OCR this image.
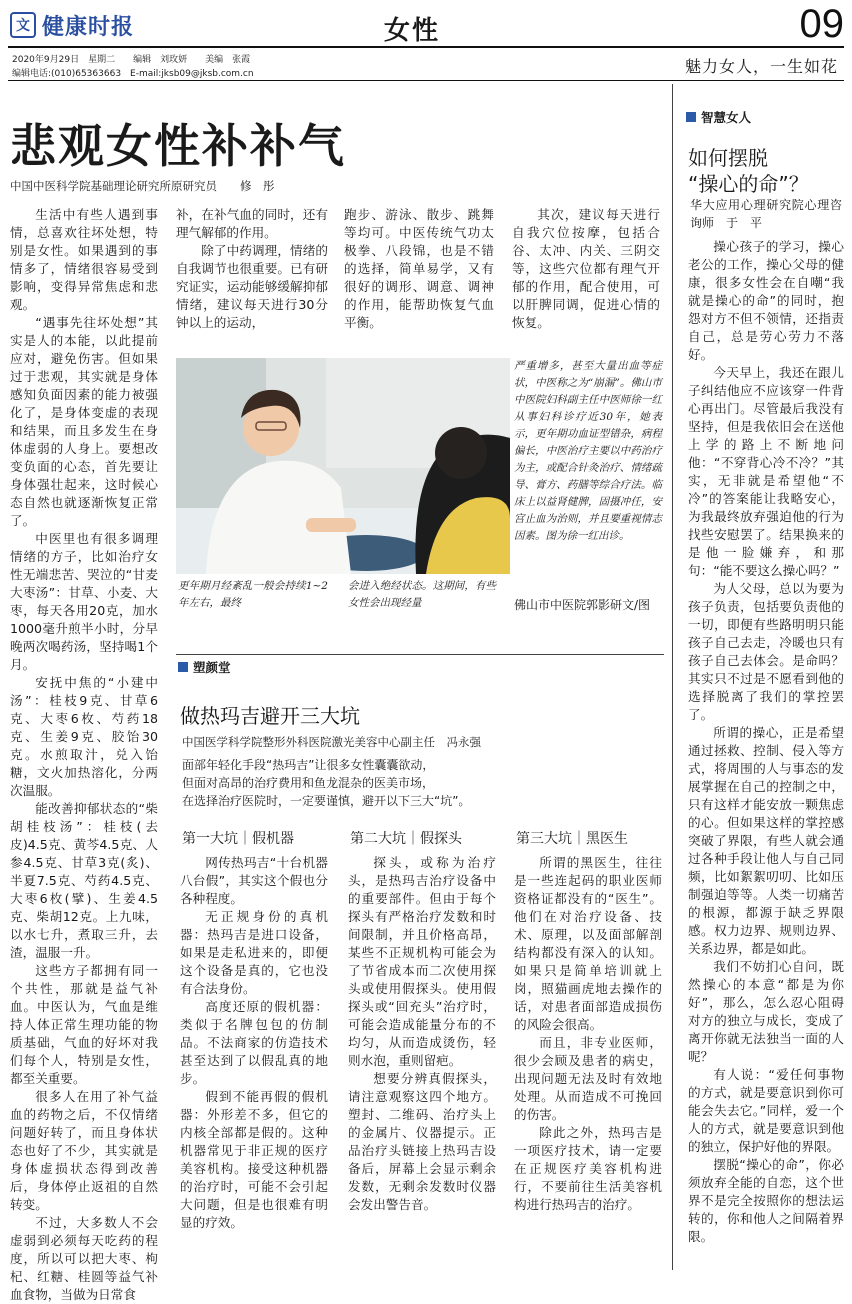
文 健康时报	女性	09
2020年9月29日　星期二　　编辑　刘玫妍　　美编　张霞
编辑电话:(010)65363663　E-mail:jksb09@jksb.com.cn	魅力女人，一生如花
悲观女性补补气
中国中医科学院基础理论研究所原研究员　　修　彤

生活中有些人遇到事情，总喜欢往坏处想，特别是女性。如果遇到的事情多了，情绪很容易受到影响，变得异常焦虑和悲观。

“遇事先往坏处想”其实是人的本能，以此提前应对，避免伤害。但如果过于悲观，其实就是身体感知负面因素的能力被强化了，是身体变虚的表现和结果，而且多发生在身体虚弱的人身上。要想改变负面的心态，首先要让身体强壮起来，这时候心态自然也就逐渐恢复正常了。

中医里也有很多调理情绪的方子，比如治疗女性无端悲苦、哭泣的“甘麦大枣汤”：甘草、小麦、大枣，每天各用20克，加水1000毫升煎半小时，分早晚两次喝药汤，坚持喝1个月。

安抚中焦的“小建中汤”：桂枝9克、甘草6克、大枣6枚、芍药18克、生姜9克、胶饴30克。水煎取汁，兑入饴糖，文火加热溶化，分两次温服。

能改善抑郁状态的“柴胡桂枝汤”：桂枝(去皮)4.5克、黄芩4.5克、人参4.5克、甘草3克(炙)、半夏7.5克、芍药4.5克、大枣6枚(擘)、生姜4.5克、柴胡12克。上九味，以水七升，煮取三升，去渣，温服一升。

这些方子都拥有同一个共性，那就是益气补血。中医认为，气血是维持人体正常生理功能的物质基础，气血的好坏对我们每个人，特别是女性，都至关重要。

很多人在用了补气益血的药物之后，不仅情绪问题好转了，而且身体状态也好了不少，其实就是身体虚损状态得到改善后，身体停止返祖的自然转变。

不过，大多数人不会虚弱到必须每天吃药的程度，所以可以把大枣、枸杞、红糖、桂圆等益气补血食物，当做为日常食

补，在补气血的同时，还有理气解郁的作用。

除了中药调理，情绪的自我调节也很重要。已有研究证实，运动能够缓解抑郁情绪，建议每天进行30分钟以上的运动，

跑步、游泳、散步、跳舞等均可。中医传统气功太极拳、八段锦，也是不错的选择，简单易学，又有很好的调形、调意、调神的作用，能帮助恢复气血平衡。

其次，建议每天进行自我穴位按摩，包括合谷、太冲、内关、三阴交等，这些穴位都有理气开郁的作用，配合使用，可以肝脾同调，促进心情的恢复。

更年期月经紊乱一般会持续1~2年左右，最终
会进入绝经状态。这期间，有些女性会出现经量
严重增多，甚至大量出血等症状，中医称之为“崩漏”。佛山市中医院妇科副主任中医师徐一红从事妇科诊疗近30年，她表示，更年期功血证型错杂，病程偏长，中医治疗主要以中药治疗为主，或配合针灸治疗、情绪疏导、膏方、药膳等综合疗法。临床上以益肾健脾，固摄冲任，安宫止血为治则，并且要重视情志因素。图为徐一红出诊。
佛山市中医院郭影研文/图
塑颜堂
做热玛吉避开三大坑
中国医学科学院整形外科医院激光美容中心副主任　冯永强
面部年轻化手段“热玛吉”让很多女性囊囊欲动，
但面对高昂的治疗费用和鱼龙混杂的医美市场，
在选择治疗医院时，一定要谨慎，避开以下三大“坑”。
第一大坑｜假机器	第二大坑｜假探头	第三大坑｜黑医生

网传热玛吉“十台机器八台假”，其实这个假也分各种程度。

无正规身份的真机器：热玛吉是进口设备，如果是走私进来的，即便这个设备是真的，它也没有合法身份。

高度还原的假机器：类似于名牌包包的仿制品。不法商家的仿造技术甚至达到了以假乱真的地步。

假到不能再假的假机器：外形差不多，但它的内核全部都是假的。这种机器常见于非正规的医疗美容机构。接受这种机器的治疗时，可能不会引起大问题，但是也很难有明显的疗效。

探头，或称为治疗头，是热玛吉治疗设备中的重要部件。但由于每个探头有严格治疗发数和时间限制，并且价格高昂，某些不正规机构可能会为了节省成本而二次使用探头或使用假探头。使用假探头或“回充头”治疗时，可能会造成能量分布的不均匀，从而造成烫伤，轻则水泡，重则留疤。

想要分辨真假探头，请注意观察这四个地方。塑封、二维码、治疗头上的金属片、仪器提示。正品治疗头链接上热玛吉设备后，屏幕上会显示剩余发数，无剩余发数时仪器会发出警告音。

所谓的黑医生，往往是一些连起码的职业医师资格证都没有的“医生”。他们在对治疗设备、技术、原理，以及面部解剖结构都没有深入的认知。如果只是简单培训就上岗，照猫画虎地去操作的话，对患者面部造成损伤的风险会很高。

而且，非专业医师，很少会顾及患者的病史，出现问题无法及时有效地处理。从而造成不可挽回的伤害。

除此之外，热玛吉是一项医疗技术，请一定要在正规医疗美容机构进行，不要前往生活美容机构进行热玛吉的治疗。

智慧女人
如何摆脱
“操心的命”？
华大应用心理研究院心理咨询师　于　平

操心孩子的学习，操心老公的工作，操心父母的健康，很多女性会在自嘲“我就是操心的命”的同时，抱怨对方不但不领情，还指责自己，总是劳心劳力不落好。

今天早上，我还在跟儿子纠结他应不应该穿一件背心再出门。尽管最后我没有坚持，但是我依旧会在送他上学的路上不断地问他：“不穿背心冷不冷？”其实，无非就是希望他“不冷”的答案能让我略安心，为我最终放弃强迫他的行为找些安慰罢了。结果换来的是他一脸嫌弃，和那句：“能不要这么操心吗？”

为人父母，总以为要为孩子负责，包括要负责他的一切，即便有些路明明只能孩子自己去走，冷暖也只有孩子自己去体会。是命吗？其实只不过是不愿看到他的选择脱离了我们的掌控罢了。

所谓的操心，正是希望通过拯救、控制、侵入等方式，将周围的人与事态的发展掌握在自己的控制之中，只有这样才能安放一颗焦虑的心。但如果这样的掌控感突破了界限，有些人就会通过各种手段让他人与自己同频，比如絮絮叨叨、比如压制强迫等等。人类一切痛苦的根源，都源于缺乏界限感。权力边界、规则边界、关系边界，都是如此。

我们不妨扪心自问，既然操心的本意“都是为你好”，那么，怎么忍心阻碍对方的独立与成长，变成了离开你就无法独当一面的人呢？

有人说：“爱任何事物的方式，就是要意识到你可能会失去它。”同样，爱一个人的方式，就是要意识到他的独立，保护好他的界限。

摆脱“操心的命”，你必须放弃全能的自恋，这个世界不是完全按照你的想法运转的，你和他人之间隔着界限。
